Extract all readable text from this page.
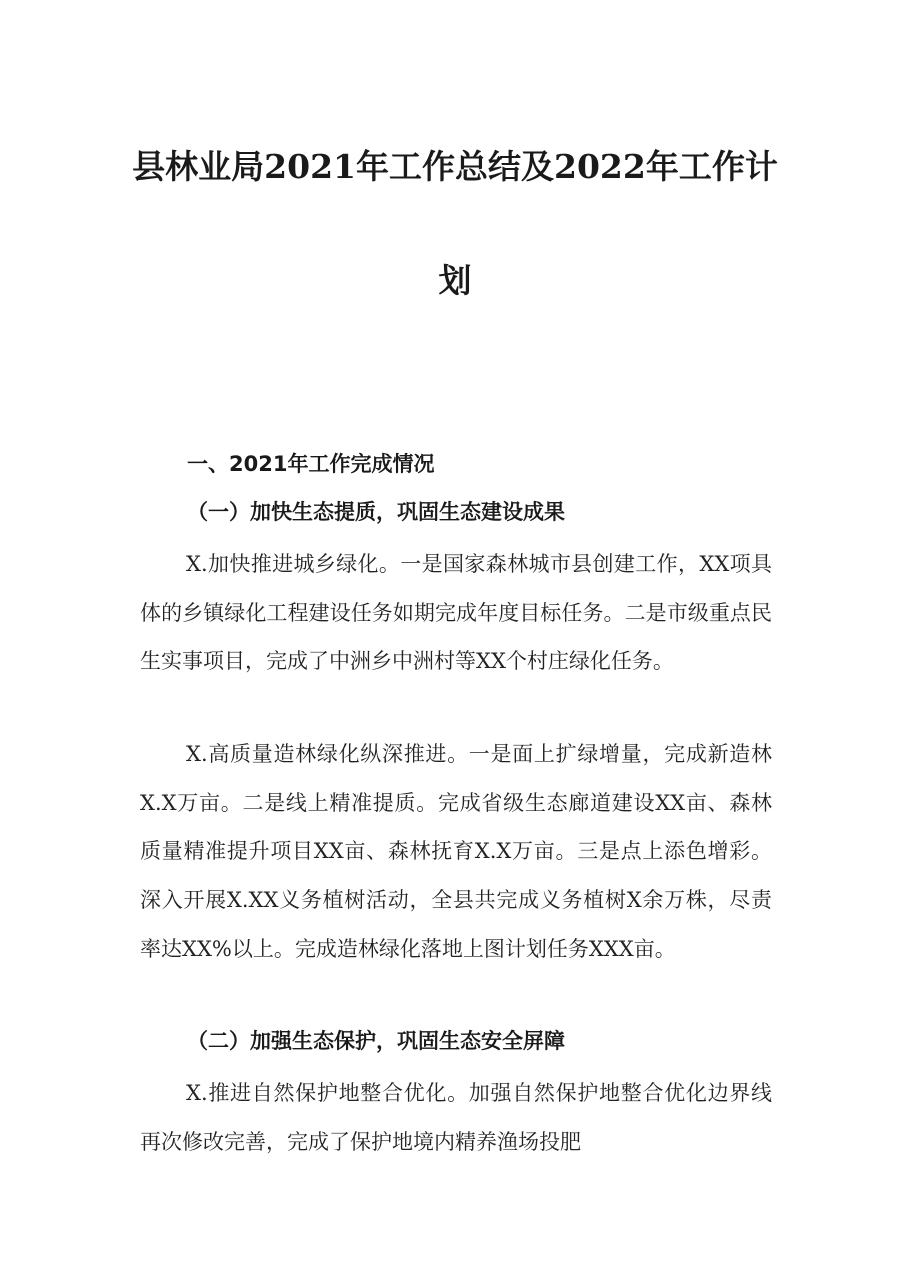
县林业局2021年工作总结及2022年工作计
划
一、2021年工作完成情况
（一）加快生态提质，巩固生态建设成果

X.加快推进城乡绿化。一是国家森林城市县创建工作，XX项具体的乡镇绿化工程建设任务如期完成年度目标任务。二是市级重点民生实事项目，完成了中洲乡中洲村等XX个村庄绿化任务。

X.高质量造林绿化纵深推进。一是面上扩绿增量，完成新造林X.X万亩。二是线上精准提质。完成省级生态廊道建设XX亩、森林质量精准提升项目XX亩、森林抚育X.X万亩。三是点上添色增彩。深入开展X.XX义务植树活动，全县共完成义务植树X余万株，尽责率达XX%以上。完成造林绿化落地上图计划任务XXX亩。

（二）加强生态保护，巩固生态安全屏障

X.推进自然保护地整合优化。加强自然保护地整合优化边界线再次修改完善，完成了保护地境内精养渔场投肥
